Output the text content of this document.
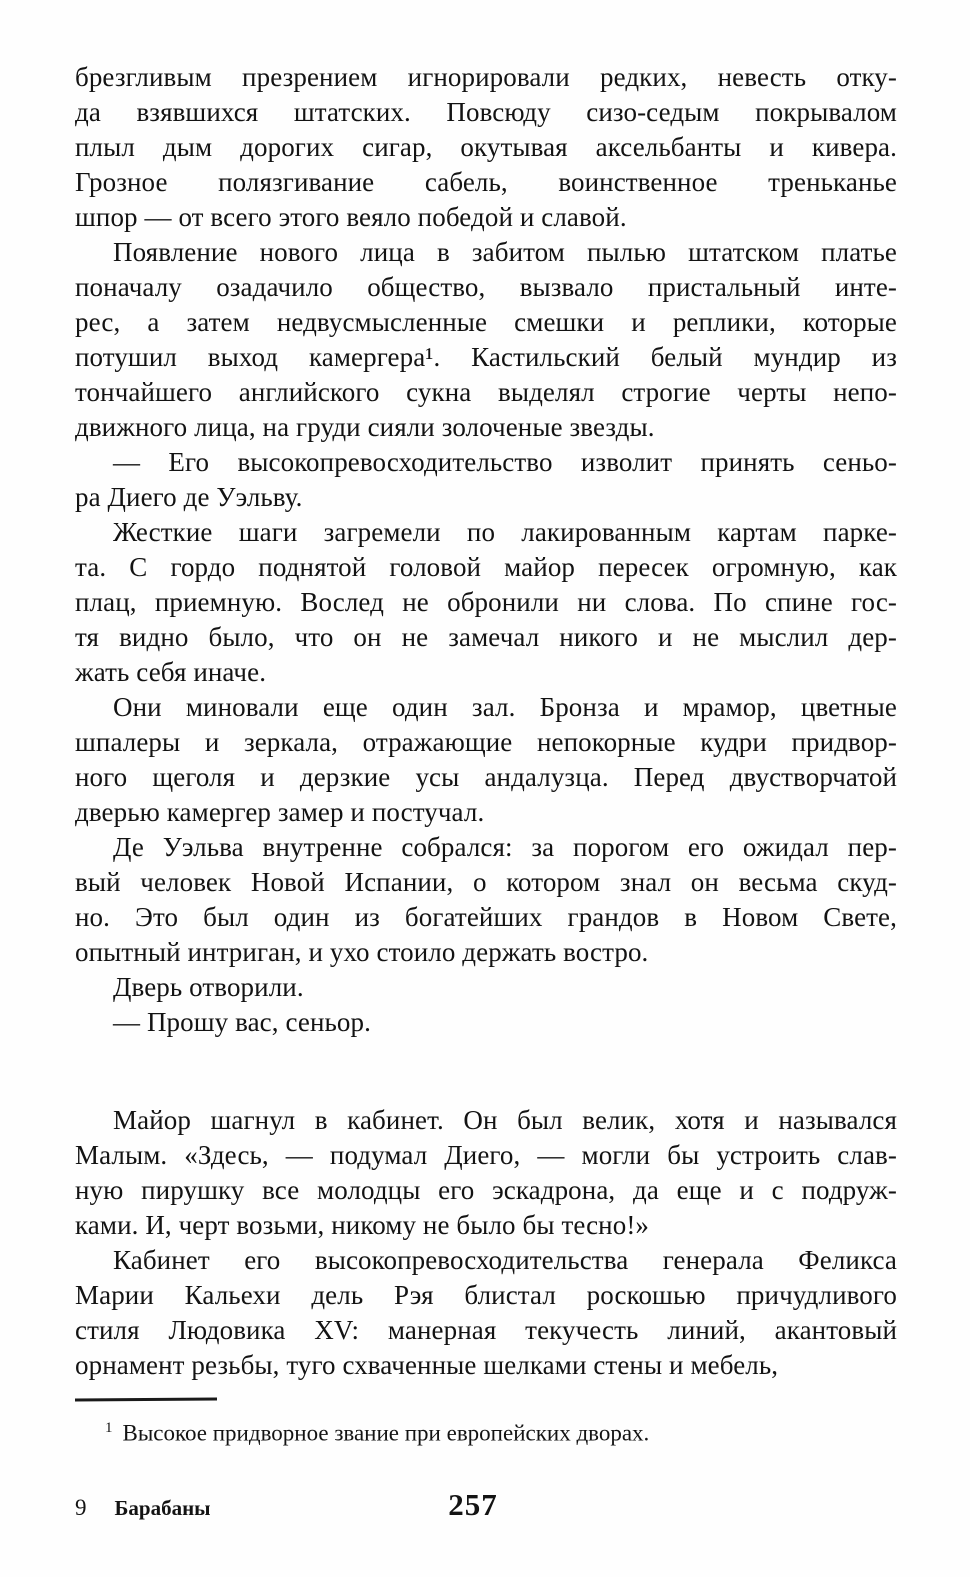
брезгливым презрением игнорировали редких, невесть отку-
да взявшихся штатских. Повсюду сизо-седым покрывалом
плыл дым дорогих сигар, окутывая аксельбанты и кивера.
Грозное полязгивание сабель, воинственное треньканье
шпор — от всего этого веяло победой и славой.
Появление нового лица в забитом пылью штатском платье
поначалу озадачило общество, вызвало пристальный инте-
рес, а затем недвусмысленные смешки и реплики, которые
потушил выход камергера¹. Кастильский белый мундир из
тончайшего английского сукна выделял строгие черты непо-
движного лица, на груди сияли золоченые звезды.
— Его высокопревосходительство изволит принять сеньо-
ра Диего де Уэльву.
Жесткие шаги загремели по лакированным картам парке-
та. С гордо поднятой головой майор пересек огромную, как
плац, приемную. Вослед не обронили ни слова. По спине гос-
тя видно было, что он не замечал никого и не мыслил дер-
жать себя иначе.
Они миновали еще один зал. Бронза и мрамор, цветные
шпалеры и зеркала, отражающие непокорные кудри придвор-
ного щеголя и дерзкие усы андалузца. Перед двустворчатой
дверью камергер замер и постучал.
Де Уэльва внутренне собрался: за порогом его ожидал пер-
вый человек Новой Испании, о котором знал он весьма скуд-
но. Это был один из богатейших грандов в Новом Свете,
опытный интриган, и ухо стоило держать востро.
Дверь отворили.
— Прошу вас, сеньор.
Майор шагнул в кабинет. Он был велик, хотя и назывался
Малым. «Здесь, — подумал Диего, — могли бы устроить слав-
ную пирушку все молодцы его эскадрона, да еще и с подруж-
ками. И, черт возьми, никому не было бы тесно!»
Кабинет его высокопревосходительства генерала Феликса
Марии Кальехи дель Рэя блистал роскошью причудливого
стиля Людовика XV: манерная текучесть линий, акантовый
орнамент резьбы, туго схваченные шелками стены и мебель,
$^1$ Высокое придворное звание при европейских дворах.
9 Барабаны	257
